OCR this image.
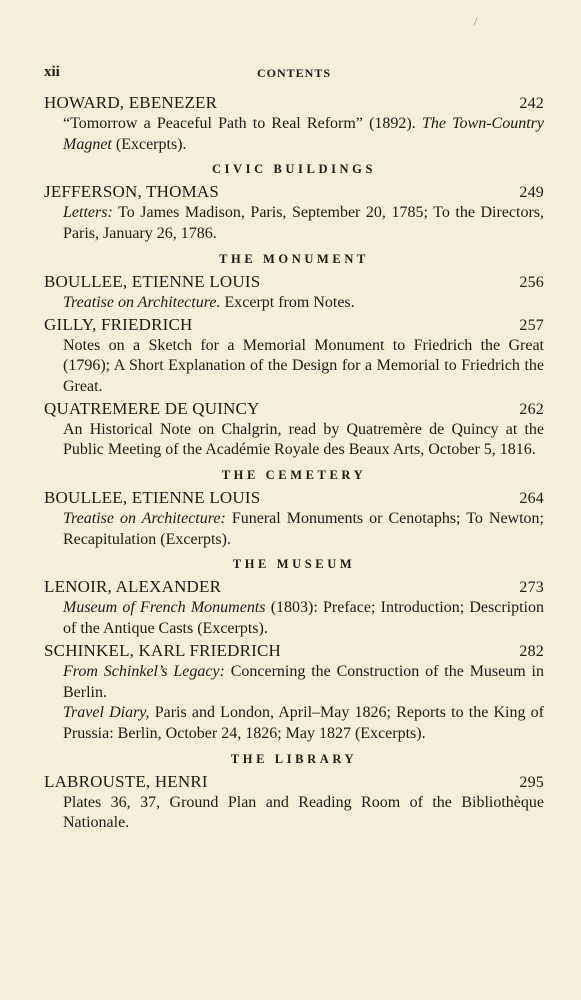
/
xii	CONTENTS
HOWARD, EBENEZER	242

“Tomorrow a Peaceful Path to Real Reform” (1892). The Town-Country Magnet (Excerpts).

CIVIC BUILDINGS
JEFFERSON, THOMAS	249

Letters: To James Madison, Paris, September 20, 1785; To the Directors, Paris, January 26, 1786.

THE MONUMENT
BOULLEE, ETIENNE LOUIS	256

Treatise on Architecture. Excerpt from Notes.

GILLY, FRIEDRICH	257

Notes on a Sketch for a Memorial Monument to Friedrich the Great (1796); A Short Explanation of the Design for a Memorial to Friedrich the Great.

QUATREMERE DE QUINCY	262

An Historical Note on Chalgrin, read by Quatremère de Quincy at the Public Meeting of the Académie Royale des Beaux Arts, October 5, 1816.

THE CEMETERY
BOULLEE, ETIENNE LOUIS	264

Treatise on Architecture: Funeral Monuments or Cenotaphs; To Newton; Recapitulation (Excerpts).

THE MUSEUM
LENOIR, ALEXANDER	273

Museum of French Monuments (1803): Preface; Introduction; Description of the Antique Casts (Excerpts).

SCHINKEL, KARL FRIEDRICH	282

From Schinkel’s Legacy: Concerning the Construction of the Museum in Berlin.

Travel Diary, Paris and London, April–May 1826; Reports to the King of Prussia: Berlin, October 24, 1826; May 1827 (Excerpts).

THE LIBRARY
LABROUSTE, HENRI	295

Plates 36, 37, Ground Plan and Reading Room of the Bibliothèque Nationale.
